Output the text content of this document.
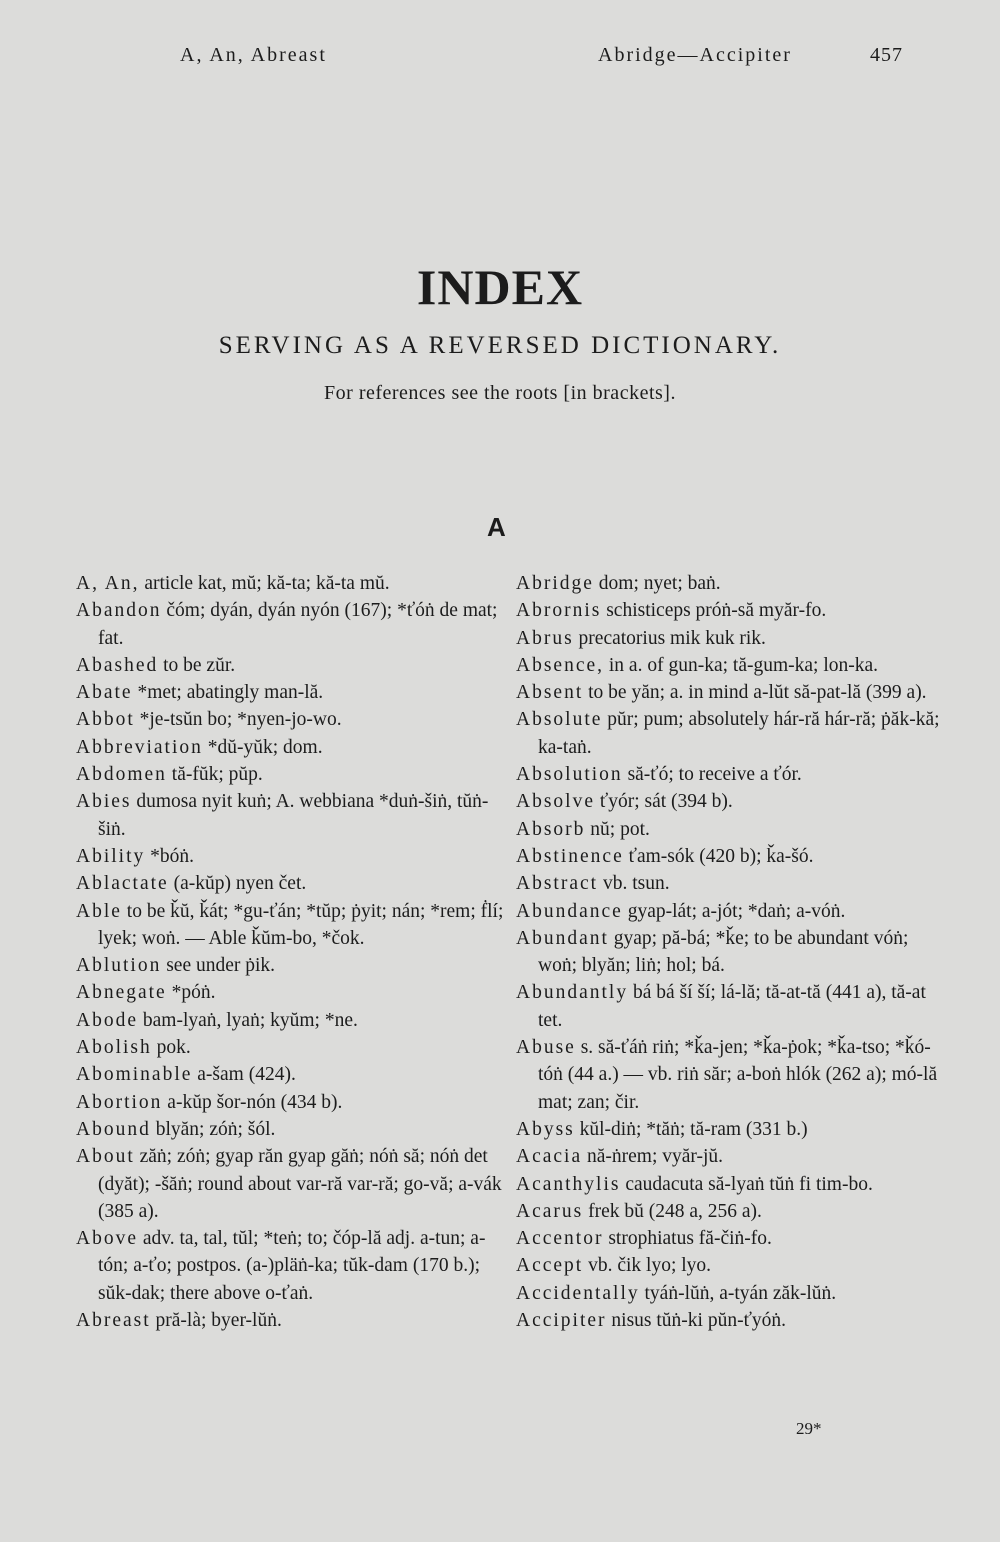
A, An, Abreast	Abridge—Accipiter	457
INDEX
SERVING AS A REVERSED DICTIONARY.
For references see the roots [in brackets].
A

A, An, article kat, mŭ; kă-ta; kă-ta mŭ.

Abandon čóm; dyán, dyán nyón (167); *ťóṅ de mat; fat.

Abashed to be zŭr.

Abate *met; abatingly man-lă.

Abbot *je-tsŭn bo; *nyen-jo-wo.

Abbreviation *dŭ-yŭk; dom.

Abdomen tă-fŭk; pŭp.

Abies dumosa nyit kuṅ; A. webbiana *duṅ-šiṅ, tŭṅ-šiṅ.

Ability *bóṅ.

Ablactate (a-kŭp) nyen čet.

Able to be ǩŭ, ǩát; *gu-ťán; *tŭp; ṗyit; nán; *rem; ḟlí; lyek; woṅ. — Able ǩŭm-bo, *čok.

Ablution see under ṗik.

Abnegate *póṅ.

Abode bam-lyaṅ, lyaṅ; kyŭm; *ne.

Abolish pok.

Abominable a-šam (424).

Abortion a-kŭp šor-nón (434 b).

Abound blyăn; zóṅ; šól.

About zăṅ; zóṅ; gyap răn gyap găṅ; nóṅ să; nóṅ det (dyăt); -šăṅ; round about var-ră var-ră; go-vă; a-vák (385 a).

Above adv. ta, tal, tŭl; *teṅ; to; čóp-lă adj. a-tun; a-tón; a-ťo; postpos. (a-)pläṅ-ka; tŭk-dam (170 b.); sŭk-dak; there above o-ťaṅ.

Abreast pră-là; byer-lŭṅ.

Abridge dom; nyet; baṅ.

Abrornis schisticeps próṅ-să myăr-fo.

Abrus precatorius mik kuk rik.

Absence, in a. of gun-ka; tă-gum-ka; lon-ka.

Absent to be yăn; a. in mind a-lŭt să-pat-lă (399 a).

Absolute pŭr; pum; absolutely hár-ră hár-ră; ṗăk-kă; ka-taṅ.

Absolution să-ťó; to receive a ťór.

Absolve ťyór; sát (394 b).

Absorb nŭ; pot.

Abstinence ťam-sók (420 b); ǩa-šó.

Abstract vb. tsun.

Abundance gyap-lát; a-jót; *daṅ; a-vóṅ.

Abundant gyap; pă-bá; *ǩe; to be abundant vóṅ; woṅ; blyăn; liṅ; hol; bá.

Abundantly bá bá ší ší; lá-lă; tă-at-tă (441 a), tă-at tet.

Abuse s. să-ťáṅ riṅ; *ǩa-jen; *ǩa-ṗok; *ǩa-tso; *ǩó-tóṅ (44 a.) — vb. riṅ săr; a-boṅ hlók (262 a); mó-lă mat; zan; čir.

Abyss kŭl-diṅ; *tăṅ; tă-ram (331 b.)

Acacia nă-ṅrem; vyăr-jŭ.

Acanthylis caudacuta să-lyaṅ tŭṅ fi tim-bo.

Acarus frek bŭ (248 a, 256 a).

Accentor strophiatus fă-čiṅ-fo.

Accept vb. čik lyo; lyo.

Accidentally tyáṅ-lŭṅ, a-tyán zăk-lŭṅ.

Accipiter nisus tŭṅ-ki pŭn-ťyóṅ.

29*
